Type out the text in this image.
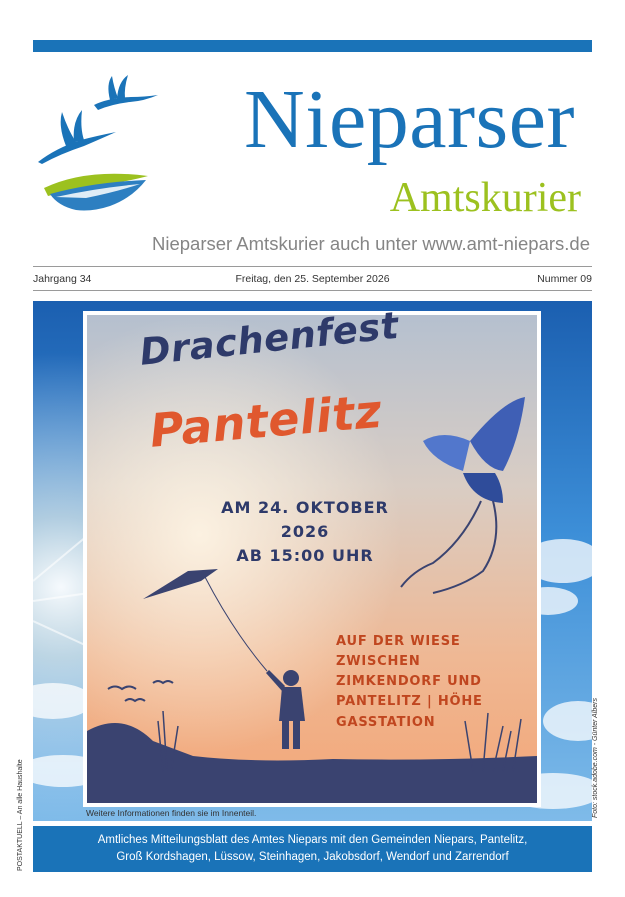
Nieparser
Amtskurier
Nieparser Amtskurier auch unter www.amt-niepars.de
Jahrgang 34	Freitag, den 25. September 2026	Nummer 09
Drachenfest
Pantelitz
AM 24. OKTOBER 2026
AB 15:00 UHR
AUF DER WIESE ZWISCHEN
ZIMKENDORF UND
PANTELITZ | HÖHE
GASSTATION
Weitere Informationen finden sie im Innenteil.	Foto: stock.adobe.com - Günter Albers
POSTAKTUELL – An alle Haushalte	Amtliches Mitteilungsblatt des Amtes Niepars mit den Gemeinden Niepars, Pantelitz,
Groß Kordshagen, Lüssow, Steinhagen, Jakobsdorf, Wendorf und Zarrendorf
